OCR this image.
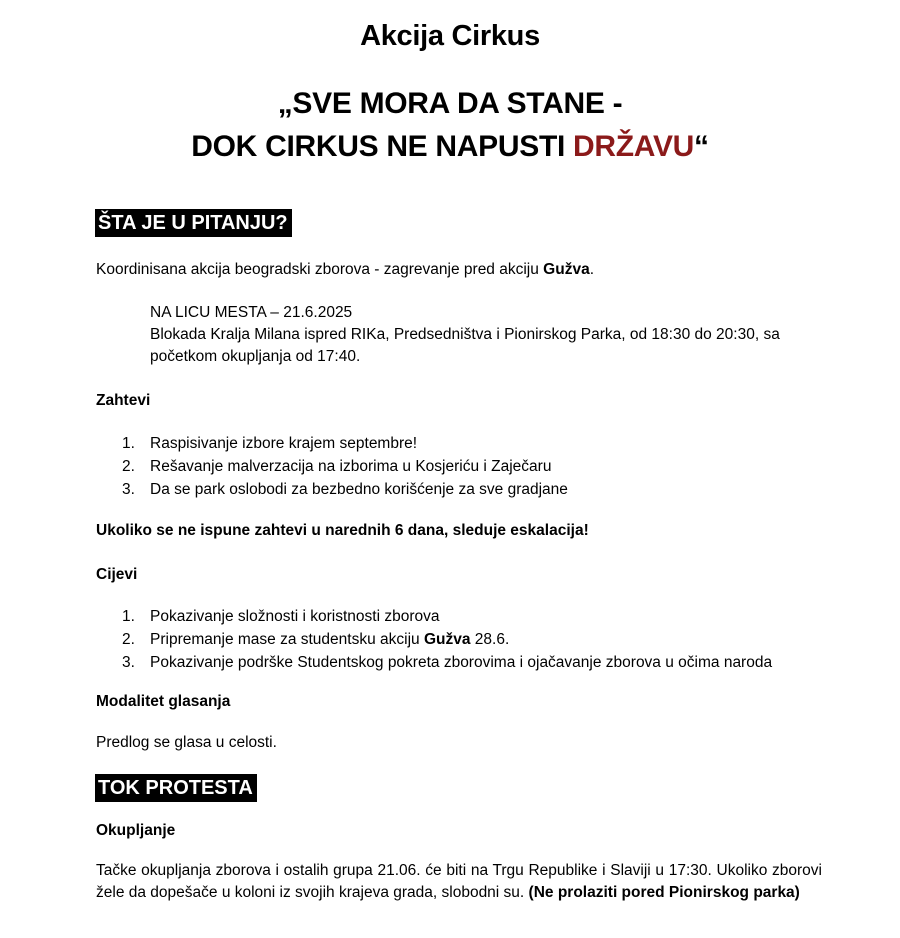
Akcija Cirkus
„SVE MORA DA STANE -
DOK CIRKUS NE NAPUSTI DRŽAVU“
ŠTA JE U PITANJU?
Koordinisana akcija beogradski zborova - zagrevanje pred akciju Gužva.
NA LICU MESTA – 21.6.2025
Blokada Kralja Milana ispred RIKa, Predsedništva i Pionirskog Parka, od 18:30 do 20:30, sa
početkom okupljanja od 17:40.
Zahtevi
1. Raspisivanje izbore krajem septembre!
2. Rešavanje malverzacija na izborima u Kosjeriću i Zaječaru
3. Da se park oslobodi za bezbedno korišćenje za sve gradjane
Ukoliko se ne ispune zahtevi u narednih 6 dana, sleduje eskalacija!
Cijevi
1. Pokazivanje složnosti i koristnosti zborova
2. Pripremanje mase za studentsku akciju Gužva 28.6.
3. Pokazivanje podrške Studentskog pokreta zborovima i ojačavanje zborova u očima naroda
Modalitet glasanja
Predlog se glasa u celosti.
TOK PROTESTA
Okupljanje
Tačke okupljanja zborova i ostalih grupa 21.06. će biti na Trgu Republike i Slaviji u 17:30. Ukoliko zborovi žele da dopešače u koloni iz svojih krajeva grada, slobodni su. (Ne prolaziti pored Pionirskog parka)
